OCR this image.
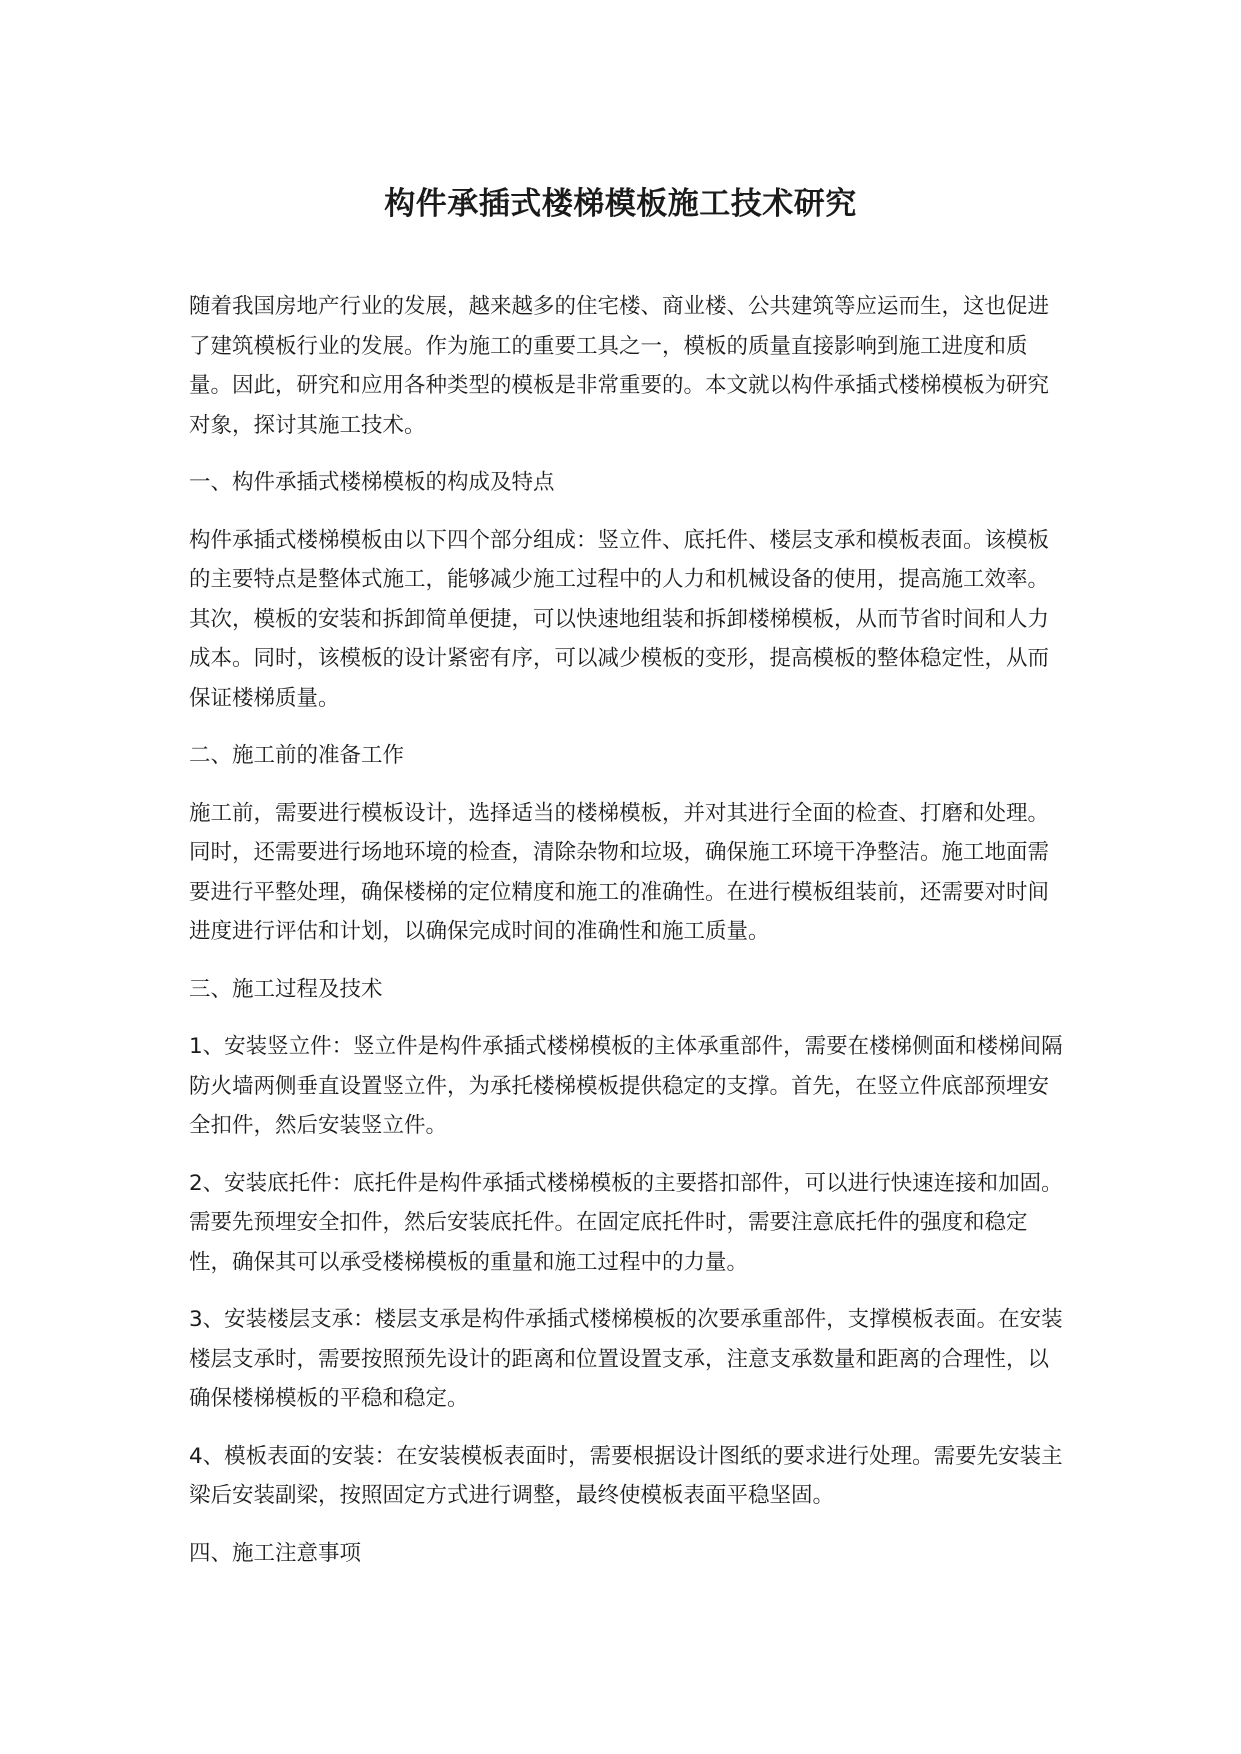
构件承插式楼梯模板施工技术研究

随着我国房地产行业的发展，越来越多的住宅楼、商业楼、公共建筑等应运而生，这也促进了建筑模板行业的发展。作为施工的重要工具之一，模板的质量直接影响到施工进度和质量。因此，研究和应用各种类型的模板是非常重要的。本文就以构件承插式楼梯模板为研究对象，探讨其施工技术。

一、构件承插式楼梯模板的构成及特点

构件承插式楼梯模板由以下四个部分组成：竖立件、底托件、楼层支承和模板表面。该模板的主要特点是整体式施工，能够减少施工过程中的人力和机械设备的使用，提高施工效率。其次，模板的安装和拆卸简单便捷，可以快速地组装和拆卸楼梯模板，从而节省时间和人力成本。同时，该模板的设计紧密有序，可以减少模板的变形，提高模板的整体稳定性，从而保证楼梯质量。

二、施工前的准备工作

施工前，需要进行模板设计，选择适当的楼梯模板，并对其进行全面的检查、打磨和处理。同时，还需要进行场地环境的检查，清除杂物和垃圾，确保施工环境干净整洁。施工地面需要进行平整处理，确保楼梯的定位精度和施工的准确性。在进行模板组装前，还需要对时间进度进行评估和计划，以确保完成时间的准确性和施工质量。

三、施工过程及技术

1、安装竖立件：竖立件是构件承插式楼梯模板的主体承重部件，需要在楼梯侧面和楼梯间隔防火墙两侧垂直设置竖立件，为承托楼梯模板提供稳定的支撑。首先，在竖立件底部预埋安全扣件，然后安装竖立件。

2、安装底托件：底托件是构件承插式楼梯模板的主要搭扣部件，可以进行快速连接和加固。需要先预埋安全扣件，然后安装底托件。在固定底托件时，需要注意底托件的强度和稳定性，确保其可以承受楼梯模板的重量和施工过程中的力量。

3、安装楼层支承：楼层支承是构件承插式楼梯模板的次要承重部件，支撑模板表面。在安装楼层支承时，需要按照预先设计的距离和位置设置支承，注意支承数量和距离的合理性，以确保楼梯模板的平稳和稳定。

4、模板表面的安装：在安装模板表面时，需要根据设计图纸的要求进行处理。需要先安装主梁后安装副梁，按照固定方式进行调整，最终使模板表面平稳坚固。

四、施工注意事项
